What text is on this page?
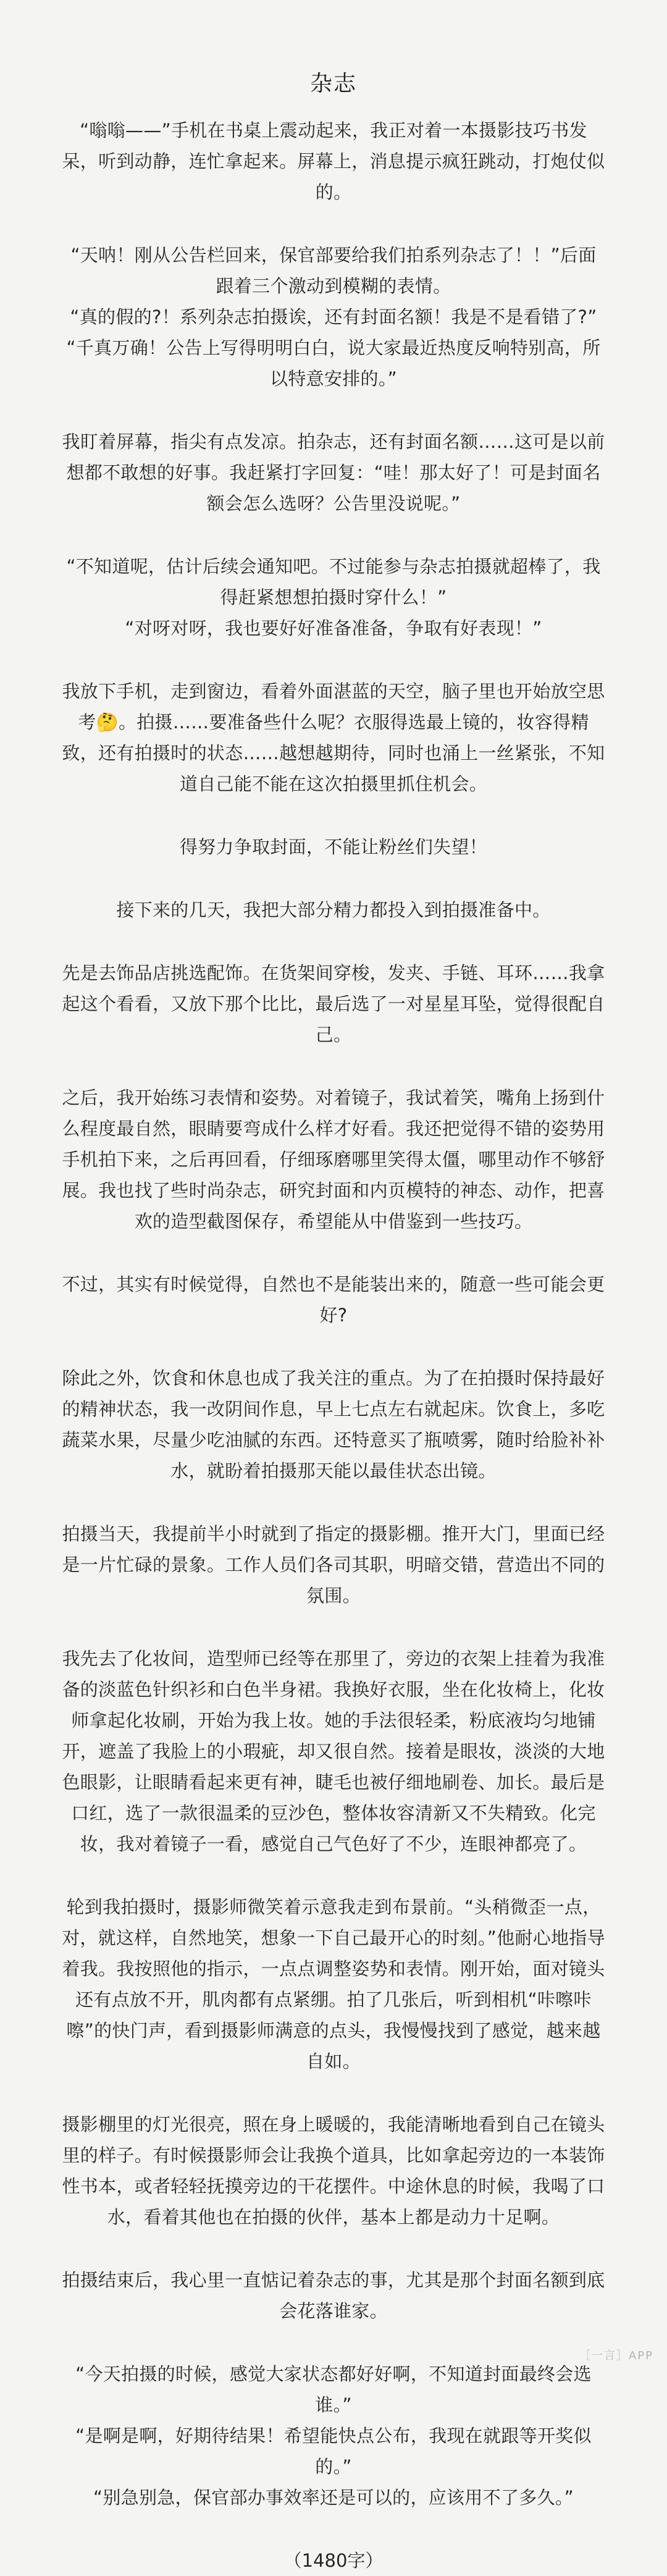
杂志

“嗡嗡——”手机在书桌上震动起来，我正对着一本摄影技巧书发呆，听到动静，连忙拿起来。屏幕上，消息提示疯狂跳动，打炮仗似的。

“天呐！刚从公告栏回来，保官部要给我们拍系列杂志了！！”后面跟着三个激动到模糊的表情。
“真的假的?！系列杂志拍摄诶，还有封面名额！我是不是看错了?”
“千真万确！公告上写得明明白白，说大家最近热度反响特别高，所以特意安排的。”

我盯着屏幕，指尖有点发凉。拍杂志，还有封面名额……这可是以前想都不敢想的好事。我赶紧打字回复：“哇！那太好了！可是封面名额会怎么选呀？公告里没说呢。”

“不知道呢，估计后续会通知吧。不过能参与杂志拍摄就超棒了，我得赶紧想想拍摄时穿什么！”
“对呀对呀，我也要好好准备准备，争取有好表现！”

我放下手机，走到窗边，看着外面湛蓝的天空，脑子里也开始放空思考🤔。拍摄……要准备些什么呢？衣服得选最上镜的，妆容得精致，还有拍摄时的状态……越想越期待，同时也涌上一丝紧张，不知道自己能不能在这次拍摄里抓住机会。

得努力争取封面，不能让粉丝们失望！

接下来的几天，我把大部分精力都投入到拍摄准备中。

先是去饰品店挑选配饰。在货架间穿梭，发夹、手链、耳环……我拿起这个看看，又放下那个比比，最后选了一对星星耳坠，觉得很配自己。

之后，我开始练习表情和姿势。对着镜子，我试着笑，嘴角上扬到什么程度最自然，眼睛要弯成什么样才好看。我还把觉得不错的姿势用手机拍下来，之后再回看，仔细琢磨哪里笑得太僵，哪里动作不够舒展。我也找了些时尚杂志，研究封面和内页模特的神态、动作，把喜欢的造型截图保存，希望能从中借鉴到一些技巧。

不过，其实有时候觉得，自然也不是能装出来的，随意一些可能会更好?

除此之外，饮食和休息也成了我关注的重点。为了在拍摄时保持最好的精神状态，我一改阴间作息，早上七点左右就起床。饮食上，多吃蔬菜水果，尽量少吃油腻的东西。还特意买了瓶喷雾，随时给脸补补水，就盼着拍摄那天能以最佳状态出镜。

拍摄当天，我提前半小时就到了指定的摄影棚。推开大门，里面已经是一片忙碌的景象。工作人员们各司其职，明暗交错，营造出不同的氛围。

我先去了化妆间，造型师已经等在那里了，旁边的衣架上挂着为我准备的淡蓝色针织衫和白色半身裙。我换好衣服，坐在化妆椅上，化妆师拿起化妆刷，开始为我上妆。她的手法很轻柔，粉底液均匀地铺开，遮盖了我脸上的小瑕疵，却又很自然。接着是眼妆，淡淡的大地色眼影，让眼睛看起来更有神，睫毛也被仔细地刷卷、加长。最后是口红，选了一款很温柔的豆沙色，整体妆容清新又不失精致。化完妆，我对着镜子一看，感觉自己气色好了不少，连眼神都亮了。

轮到我拍摄时，摄影师微笑着示意我走到布景前。“头稍微歪一点，对，就这样，自然地笑，想象一下自己最开心的时刻。”他耐心地指导着我。我按照他的指示，一点点调整姿势和表情。刚开始，面对镜头还有点放不开，肌肉都有点紧绷。拍了几张后，听到相机“咔嚓咔嚓”的快门声，看到摄影师满意的点头，我慢慢找到了感觉，越来越自如。

摄影棚里的灯光很亮，照在身上暖暖的，我能清晰地看到自己在镜头里的样子。有时候摄影师会让我换个道具，比如拿起旁边的一本装饰性书本，或者轻轻抚摸旁边的干花摆件。中途休息的时候，我喝了口水，看着其他也在拍摄的伙伴，基本上都是动力十足啊。

拍摄结束后，我心里一直惦记着杂志的事，尤其是那个封面名额到底会花落谁家。

“今天拍摄的时候，感觉大家状态都好好啊，不知道封面最终会选谁。”
“是啊是啊，好期待结果！希望能快点公布，我现在就跟等开奖似的。”
“别急别急，保官部办事效率还是可以的，应该用不了多久。”

（1480字）
［一言］APP
